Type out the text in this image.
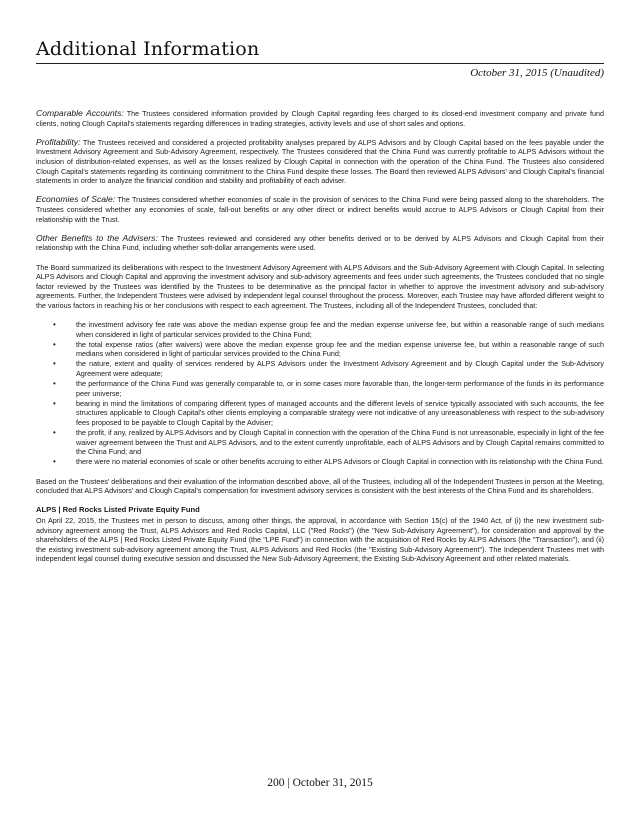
Additional Information
October 31, 2015 (Unaudited)

Comparable Accounts: The Trustees considered information provided by Clough Capital regarding fees charged to its closed-end investment company and private fund clients, noting Clough Capital's statements regarding differences in trading strategies, activity levels and use of short sales and options.

Profitability: The Trustees received and considered a projected profitability analyses prepared by ALPS Advisors and by Clough Capital based on the fees payable under the Investment Advisory Agreement and Sub-Advisory Agreement, respectively. The Trustees considered that the China Fund was currently profitable to ALPS Advisors without the inclusion of distribution-related expenses, as well as the losses realized by Clough Capital in connection with the operation of the China Fund. The Trustees also considered Clough Capital's statements regarding its continuing commitment to the China Fund despite these losses. The Board then reviewed ALPS Advisors' and Clough Capital's financial statements in order to analyze the financial condition and stability and profitability of each adviser.

Economies of Scale: The Trustees considered whether economies of scale in the provision of services to the China Fund were being passed along to the shareholders. The Trustees considered whether any economies of scale, fall-out benefits or any other direct or indirect benefits would accrue to ALPS Advisors or Clough Capital from their relationship with the Trust.

Other Benefits to the Advisers: The Trustees reviewed and considered any other benefits derived or to be derived by ALPS Advisors and Clough Capital from their relationship with the China Fund, including whether soft-dollar arrangements were used.

The Board summarized its deliberations with respect to the Investment Advisory Agreement with ALPS Advisors and the Sub-Advisory Agreement with Clough Capital. In selecting ALPS Advisors and Clough Capital and approving the investment advisory and sub-advisory agreements and fees under such agreements, the Trustees concluded that no single factor reviewed by the Trustees was identified by the Trustees to be determinative as the principal factor in whether to approve the investment advisory and sub-advisory agreements. Further, the Independent Trustees were advised by independent legal counsel throughout the process. Moreover, each Trustee may have afforded different weight to the various factors in reaching his or her conclusions with respect to each agreement. The Trustees, including all of the Independent Trustees, concluded that:

•	the investment advisory fee rate was above the median expense group fee and the median expense universe fee, but within a reasonable range of such medians when considered in light of particular services provided to the China Fund;
•	the total expense ratios (after waivers) were above the median expense group fee and the median expense universe fee, but within a reasonable range of such medians when considered in light of particular services provided to the China Fund;
•	the nature, extent and quality of services rendered by ALPS Advisors under the Investment Advisory Agreement and by Clough Capital under the Sub-Advisory Agreement were adequate;
•	the performance of the China Fund was generally comparable to, or in some cases more favorable than, the longer-term performance of the funds in its performance peer universe;
•	bearing in mind the limitations of comparing different types of managed accounts and the different levels of service typically associated with such accounts, the fee structures applicable to Clough Capital's other clients employing a comparable strategy were not indicative of any unreasonableness with respect to the sub-advisory fees proposed to be payable to Clough Capital by the Adviser;
•	the profit, if any, realized by ALPS Advisors and by Clough Capital in connection with the operation of the China Fund is not unreasonable, especially in light of the fee waiver agreement between the Trust and ALPS Advisors, and to the extent currently unprofitable, each of ALPS Advisors and by Clough Capital remains committed to the China Fund; and
•	there were no material economies of scale or other benefits accruing to either ALPS Advisors or Clough Capital in connection with its relationship with the China Fund.

Based on the Trustees' deliberations and their evaluation of the information described above, all of the Trustees, including all of the Independent Trustees in person at the Meeting, concluded that ALPS Advisors' and Clough Capital's compensation for investment advisory services is consistent with the best interests of the China Fund and its shareholders.

ALPS | Red Rocks Listed Private Equity Fund

On April 22, 2015, the Trustees met in person to discuss, among other things, the approval, in accordance with Section 15(c) of the 1940 Act, of (i) the new investment sub-advisory agreement among the Trust, ALPS Advisors and Red Rocks Capital, LLC ("Red Rocks") (the "New Sub-Advisory Agreement"), for consideration and approval by the shareholders of the ALPS | Red Rocks Listed Private Equity Fund (the "LPE Fund") in connection with the acquisition of Red Rocks by ALPS Advisors (the "Transaction"), and (ii) the existing investment sub-advisory agreement among the Trust, ALPS Advisors and Red Rocks (the "Existing Sub-Advisory Agreement"). The Independent Trustees met with independent legal counsel during executive session and discussed the New Sub-Advisory Agreement, the Existing Sub-Advisory Agreement and other related materials.

200 | October 31, 2015
